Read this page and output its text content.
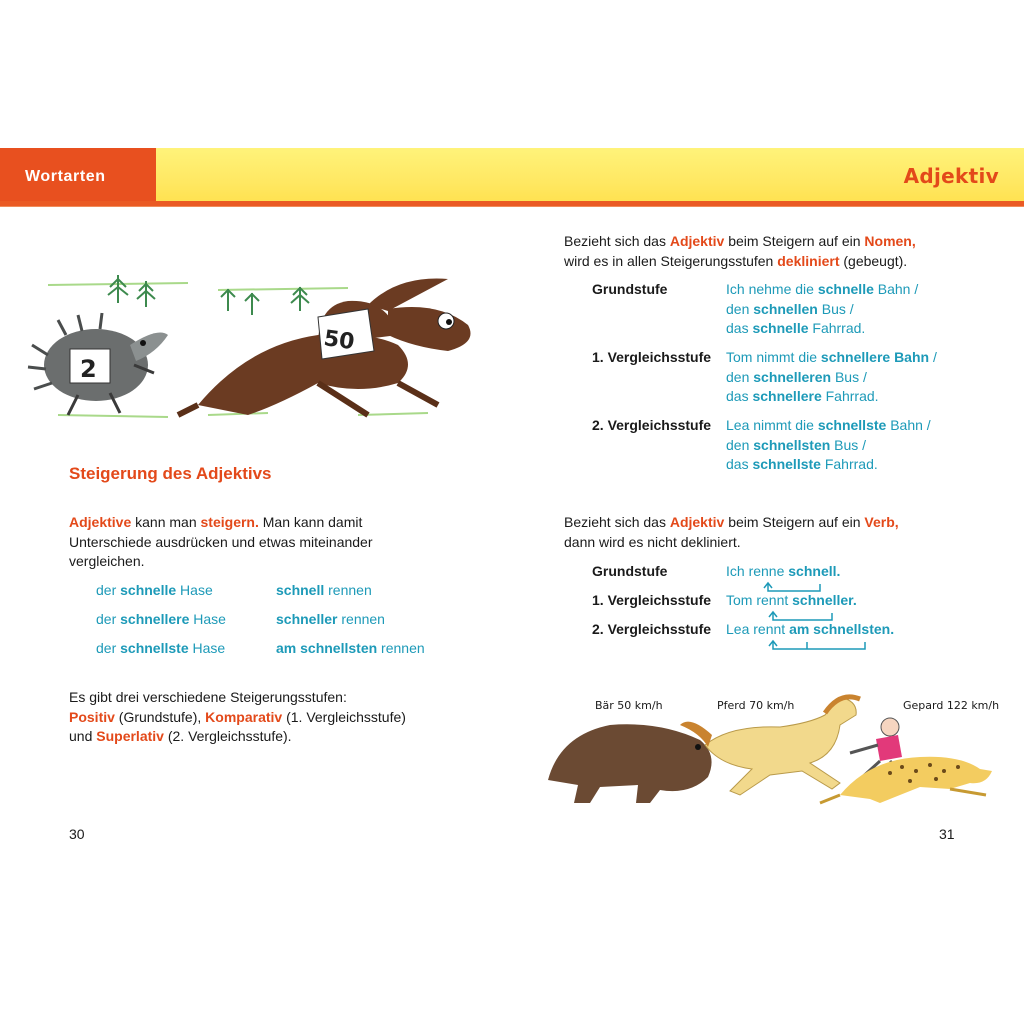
Wortarten	Adjektiv
2
50
Steigerung des Adjektivs
Adjektive kann man steigern. Man kann damit
Unterschiede ausdrücken und etwas miteinander
vergleichen.
der schnelle Hase	schnell rennen
der schnellere Hase	schneller rennen
der schnellste Hase	am schnellsten rennen
Es gibt drei verschiedene Steigerungsstufen:
Positiv (Grundstufe), Komparativ (1. Vergleichsstufe)
und Superlativ (2. Vergleichsstufe).
30
Bezieht sich das Adjektiv beim Steigern auf ein Nomen,
wird es in allen Steigerungsstufen dekliniert (gebeugt).
Grundstufe	Ich nehme die schnelle Bahn /
den schnellen Bus /
das schnelle Fahrrad.
1. Vergleichsstufe Tom nimmt die schnellere Bahn /
den schnelleren Bus /
das schnellere Fahrrad.
2. Vergleichsstufe Lea nimmt die schnellste Bahn /
den schnellsten Bus /
das schnellste Fahrrad.
Bezieht sich das Adjektiv beim Steigern auf ein Verb,
dann wird es nicht dekliniert.
Grundstufe	Ich renne schnell.
1. Vergleichsstufe Tom rennt schneller.
2. Vergleichsstufe Lea rennt am schnellsten.
Bär 50 km/h	Pferd 70 km/h	Gepard 122 km/h
31
